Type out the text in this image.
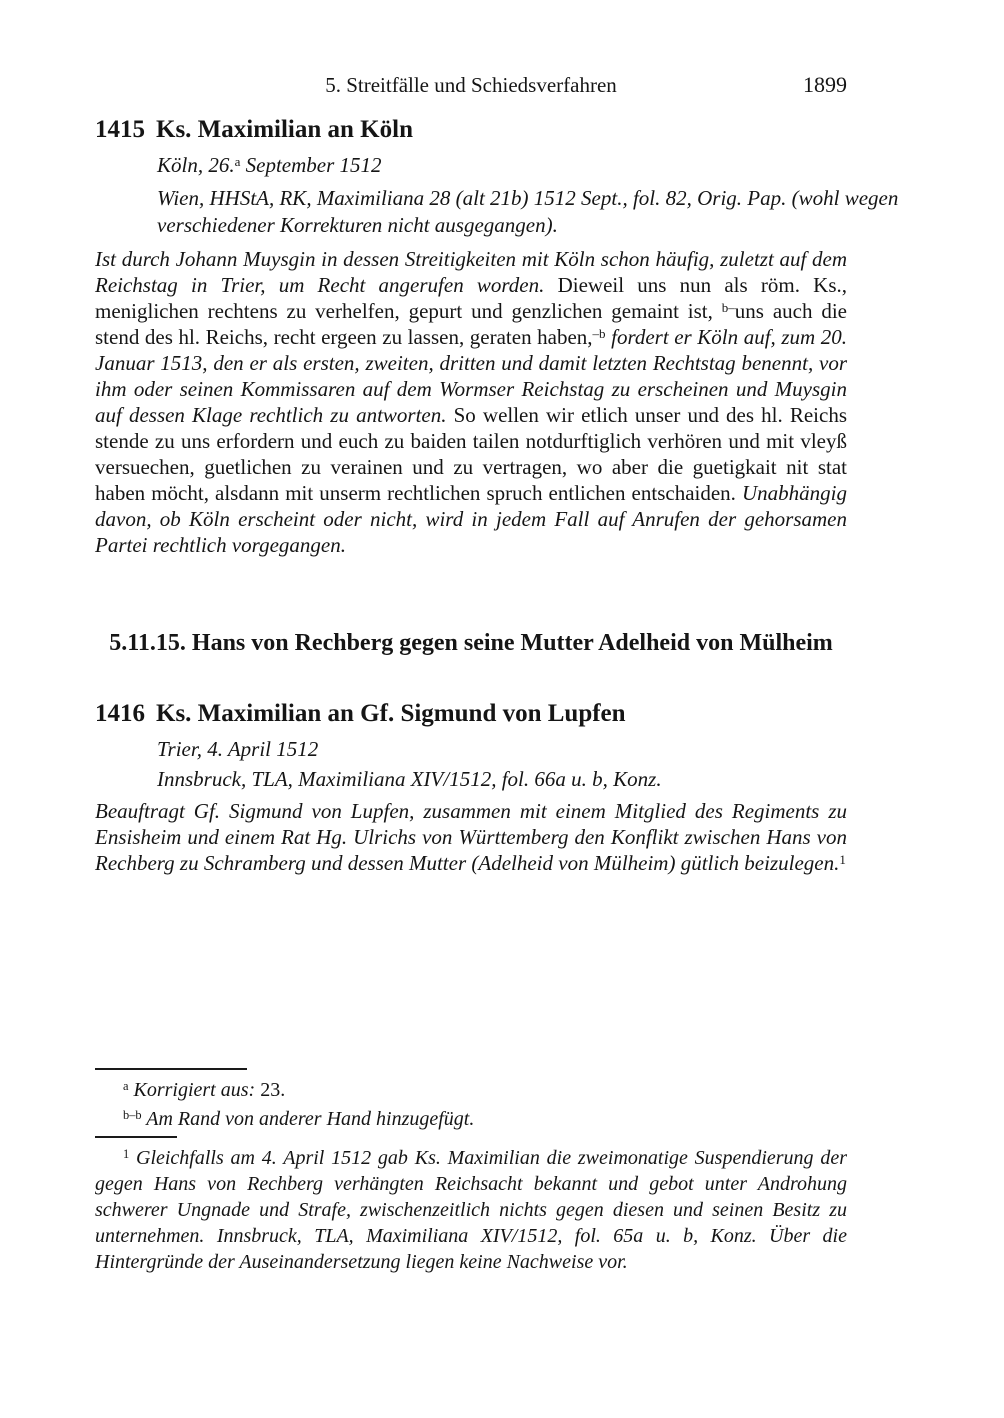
5. Streitfälle und Schiedsverfahren	1899
1415 Ks. Maximilian an Köln

Köln, 26.$^a$ September 1512

Wien, HHStA, RK, Maximiliana 28 (alt 21b) 1512 Sept., fol. 82, Orig. Pap. (wohl wegen verschiedener Korrekturen nicht ausgegangen).

Ist durch Johann Muysgin in dessen Streitigkeiten mit Köln schon häufig, zuletzt auf dem Reichstag in Trier, um Recht angerufen worden. Dieweil uns nun als röm. Ks., meniglichen rechtens zu verhelfen, gepurt und genzlichen gemaint ist, $^{b-}$uns auch die stend des hl. Reichs, recht ergeen zu lassen, geraten haben,$^{-b}$ fordert er Köln auf, zum 20. Januar 1513, den er als ersten, zweiten, dritten und damit letzten Rechtstag benennt, vor ihm oder seinen Kommissaren auf dem Wormser Reichstag zu erscheinen und Muysgin auf dessen Klage rechtlich zu antworten. So wellen wir etlich unser und des hl. Reichs stende zu uns erfordern und euch zu baiden tailen notdurftiglich verhören und mit vleyß versuechen, guetlichen zu verainen und zu vertragen, wo aber die guetigkait nit stat haben möcht, alsdann mit unserm rechtlichen spruch entlichen entschaiden. Unabhängig davon, ob Köln erscheint oder nicht, wird in jedem Fall auf Anrufen der gehorsamen Partei rechtlich vorgegangen.

5.11.15. Hans von Rechberg gegen seine Mutter Adelheid von Mülheim
1416 Ks. Maximilian an Gf. Sigmund von Lupfen

Trier, 4. April 1512

Innsbruck, TLA, Maximiliana XIV/1512, fol. 66a u. b, Konz.

Beauftragt Gf. Sigmund von Lupfen, zusammen mit einem Mitglied des Regiments zu Ensisheim und einem Rat Hg. Ulrichs von Württemberg den Konflikt zwischen Hans von Rechberg zu Schramberg und dessen Mutter (Adelheid von Mülheim) gütlich beizulegen.$^1$

$^a$ Korrigiert aus: 23.

$^{b-b}$ Am Rand von anderer Hand hinzugefügt.

$^1$ Gleichfalls am 4. April 1512 gab Ks. Maximilian die zweimonatige Suspendierung der gegen Hans von Rechberg verhängten Reichsacht bekannt und gebot unter Androhung schwerer Ungnade und Strafe, zwischenzeitlich nichts gegen diesen und seinen Besitz zu unternehmen. Innsbruck, TLA, Maximiliana XIV/1512, fol. 65a u. b, Konz. Über die Hintergründe der Auseinandersetzung liegen keine Nachweise vor.
